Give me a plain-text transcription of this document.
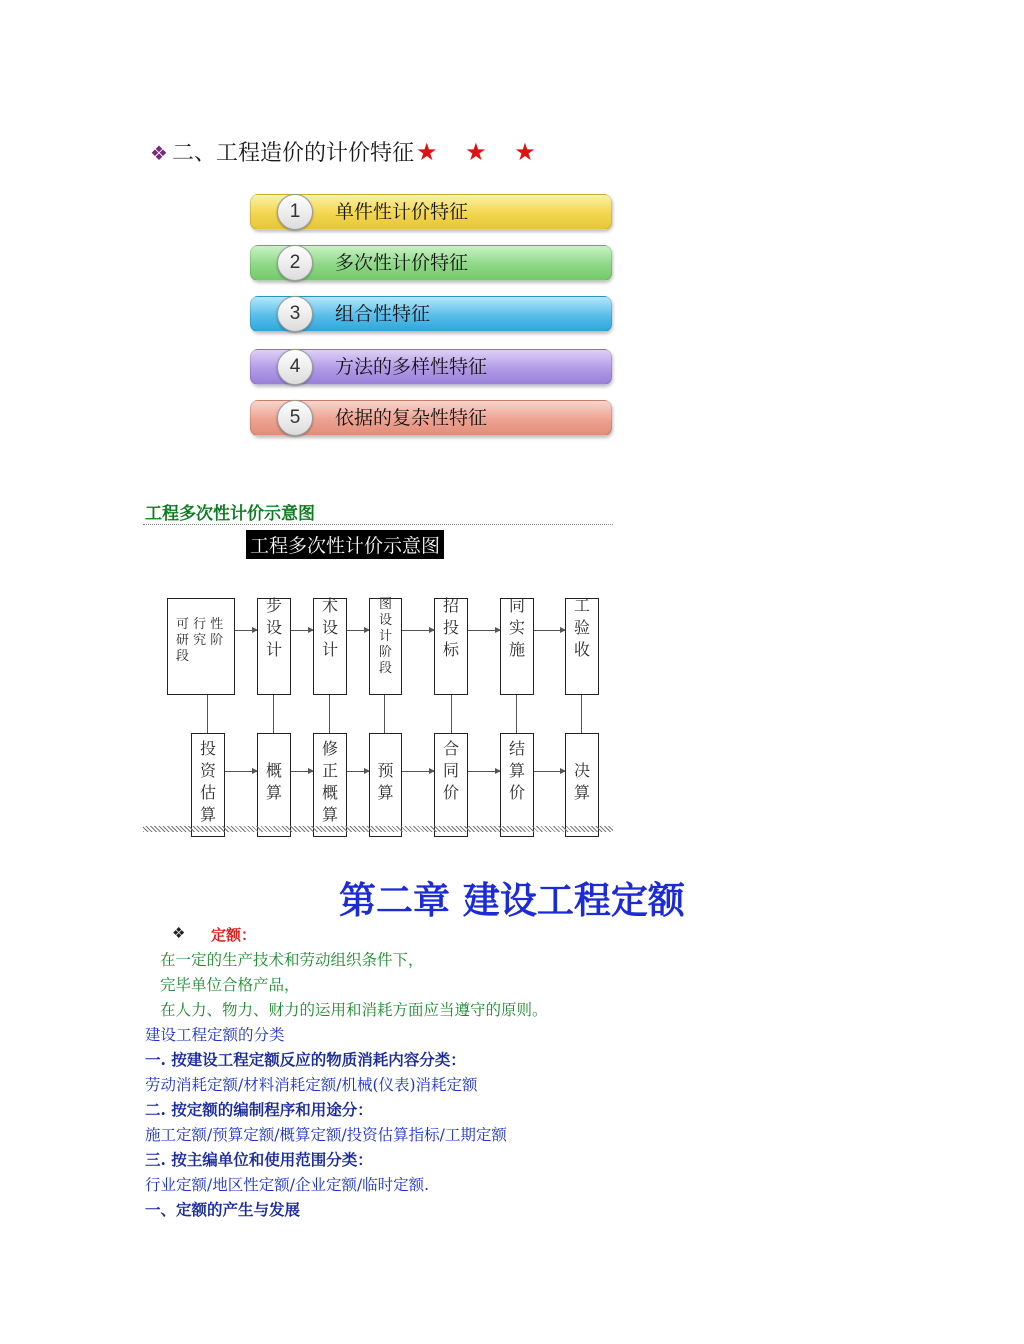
❖ 二、工程造价的计价特征★ ★ ★
1	单件性计价特征
2	多次性计价特征
3	组合性特征
4	方法的多样性特征
5	依据的复杂性特征
工程多次性计价示意图
工程多次性计价示意图
可 行 性
研 究 阶
段
步
设
计
术
设
计
图
设
计
阶
段
招
投
标
同
实
施
工
验
收
投
资
估
算
概
算
修
正
概
算
预
算
合
同
价
结
算
价
决
算
第二章 建设工程定额
❖ 定额：
在一定的生产技术和劳动组织条件下，
完毕单位合格产品，
在人力、物力、财力的运用和消耗方面应当遵守的原则。
建设工程定额的分类
一. 按建设工程定额反应的物质消耗内容分类：
劳动消耗定额/材料消耗定额/机械(仪表)消耗定额
二. 按定额的编制程序和用途分：
施工定额/预算定额/概算定额/投资估算指标/工期定额
三. 按主编单位和使用范围分类：
行业定额/地区性定额/企业定额/临时定额.
一、定额的产生与发展
